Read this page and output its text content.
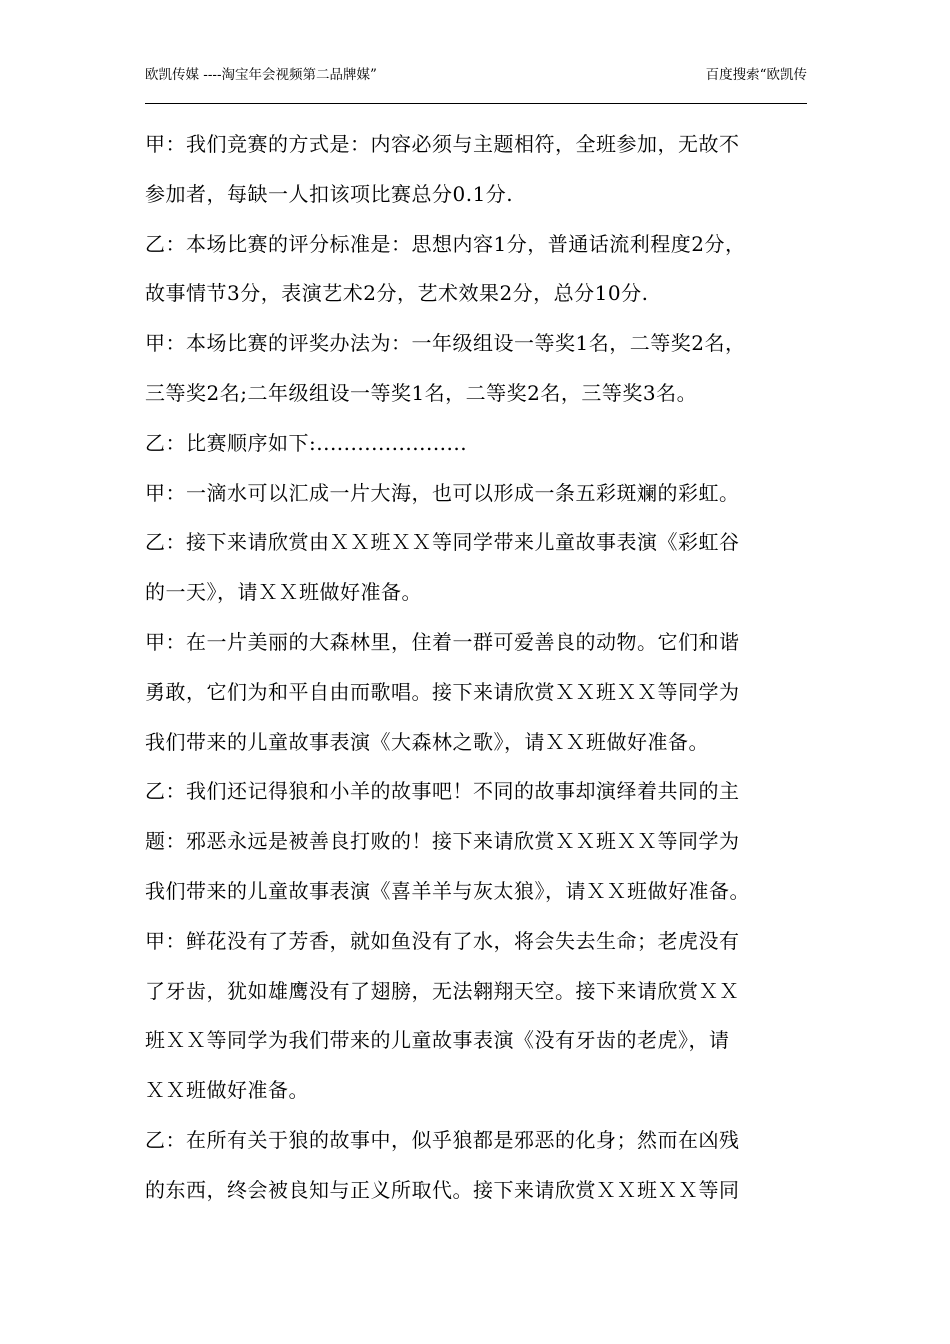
欧凯传媒 ----淘宝年会视频第二品牌媒”	百度搜索“欧凯传
甲：我们竞赛的方式是：内容必须与主题相符，全班参加，无故不
参加者，每缺一人扣该项比赛总分0.1分.
乙：本场比赛的评分标准是：思想内容1分，普通话流利程度2分，
故事情节3分，表演艺术2分，艺术效果2分，总分10分.
甲：本场比赛的评奖办法为：一年级组设一等奖1名，二等奖2名，
三等奖2名;二年级组设一等奖1名，二等奖2名，三等奖3名。
乙：比赛顺序如下:......................
甲：一滴水可以汇成一片大海，也可以形成一条五彩斑斓的彩虹。
乙：接下来请欣赏由ＸＸ班ＸＸ等同学带来儿童故事表演《彩虹谷
的一天》，请ＸＸ班做好准备。
甲：在一片美丽的大森林里，住着一群可爱善良的动物。它们和谐
勇敢，它们为和平自由而歌唱。接下来请欣赏ＸＸ班ＸＸ等同学为
我们带来的儿童故事表演《大森林之歌》，请ＸＸ班做好准备。
乙：我们还记得狼和小羊的故事吧！不同的故事却演绎着共同的主
题：邪恶永远是被善良打败的！接下来请欣赏ＸＸ班ＸＸ等同学为
我们带来的儿童故事表演《喜羊羊与灰太狼》，请ＸＸ班做好准备。
甲：鲜花没有了芳香，就如鱼没有了水，将会失去生命；老虎没有
了牙齿，犹如雄鹰没有了翅膀，无法翱翔天空。接下来请欣赏ＸＸ
班ＸＸ等同学为我们带来的儿童故事表演《没有牙齿的老虎》，请
ＸＸ班做好准备。
乙：在所有关于狼的故事中，似乎狼都是邪恶的化身；然而在凶残
的东西，终会被良知与正义所取代。接下来请欣赏ＸＸ班ＸＸ等同
